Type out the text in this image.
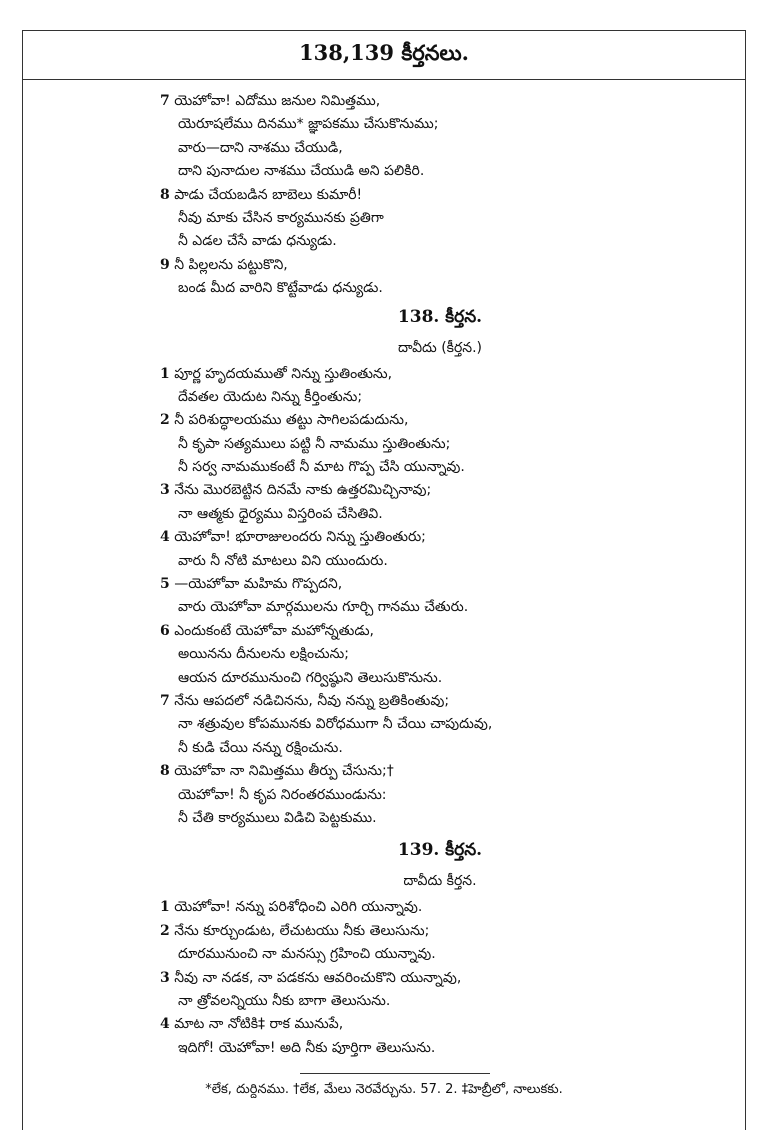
138,139 కీర్తనలు.
7 యెహోవా! ఎదోము జనుల నిమిత్తము,
యెరూషలేము దినము* జ్ఞాపకము చేసుకొనుము;
వారు—దాని నాశము చేయుడి,
దాని పునాదుల నాశము చేయుడి అని పలికిరి.
8 పాడు చేయబడిన బాబెలు కుమారీ!
నీవు మాకు చేసిన కార్యమునకు ప్రతిగా
నీ ఎడల చేసే వాడు ధన్యుడు.
9 నీ పిల్లలను పట్టుకొని,
బండ మీద వారిని కొట్టేవాడు ధన్యుడు.
138. కీర్తన.
దావీదు (కీర్తన.)
1 పూర్ణ హృదయముతో నిన్ను స్తుతింతును,
దేవతల యెదుట నిన్ను కీర్తింతును;
2 నీ పరిశుద్ధాలయము తట్టు సాగిలపడుదును,
నీ కృపా సత్యములు పట్టి నీ నామము స్తుతింతును;
నీ సర్వ నామముకంటే నీ మాట గొప్ప చేసి యున్నావు.
3 నేను మొరబెట్టిన దినమే నాకు ఉత్తరమిచ్చినావు;
నా ఆత్మకు ధైర్యము విస్తరింప చేసితివి.
4 యెహోవా! భూరాజులందరు నిన్ను స్తుతింతురు;
వారు నీ నోటి మాటలు విని యుందురు.
5 —యెహోవా మహిమ గొప్పదని,
వారు యెహోవా మార్గములను గూర్చి గానము చేతురు.
6 ఎందుకంటే యెహోవా మహోన్నతుడు,
అయినను దీనులను లక్షించును;
ఆయన దూరమునుంచి గర్విష్ఠుని తెలుసుకొనును.
7 నేను ఆపదలో నడిచినను, నీవు నన్ను బ్రతికింతువు;
నా శత్రువుల కోపమునకు విరోధముగా నీ చేయి చాపుదువు,
నీ కుడి చేయి నన్ను రక్షించును.
8 యెహోవా నా నిమిత్తము తీర్పు చేసును;†
యెహోవా! నీ కృప నిరంతరముండును:
నీ చేతి కార్యములు విడిచి పెట్టకుము.
139. కీర్తన.
దావీదు కీర్తన.
1 యెహోవా! నన్ను పరిశోధించి ఎరిగి యున్నావు.
2 నేను కూర్చుండుట, లేచుటయు నీకు తెలుసును;
దూరమునుంచి నా మనస్సు గ్రహించి యున్నావు.
3 నీవు నా నడక, నా పడకను ఆవరించుకొని యున్నావు,
నా త్రోవలన్నియు నీకు బాగా తెలుసును.
4 మాట నా నోటికి‡ రాక మునుపే,
ఇదిగో! యెహోవా! అది నీకు పూర్తిగా తెలుసును.
*లేక, దుర్దినము. †లేక, మేలు నెరవేర్చును. 57. 2. ‡హెబ్రీలో, నాలుకకు.
